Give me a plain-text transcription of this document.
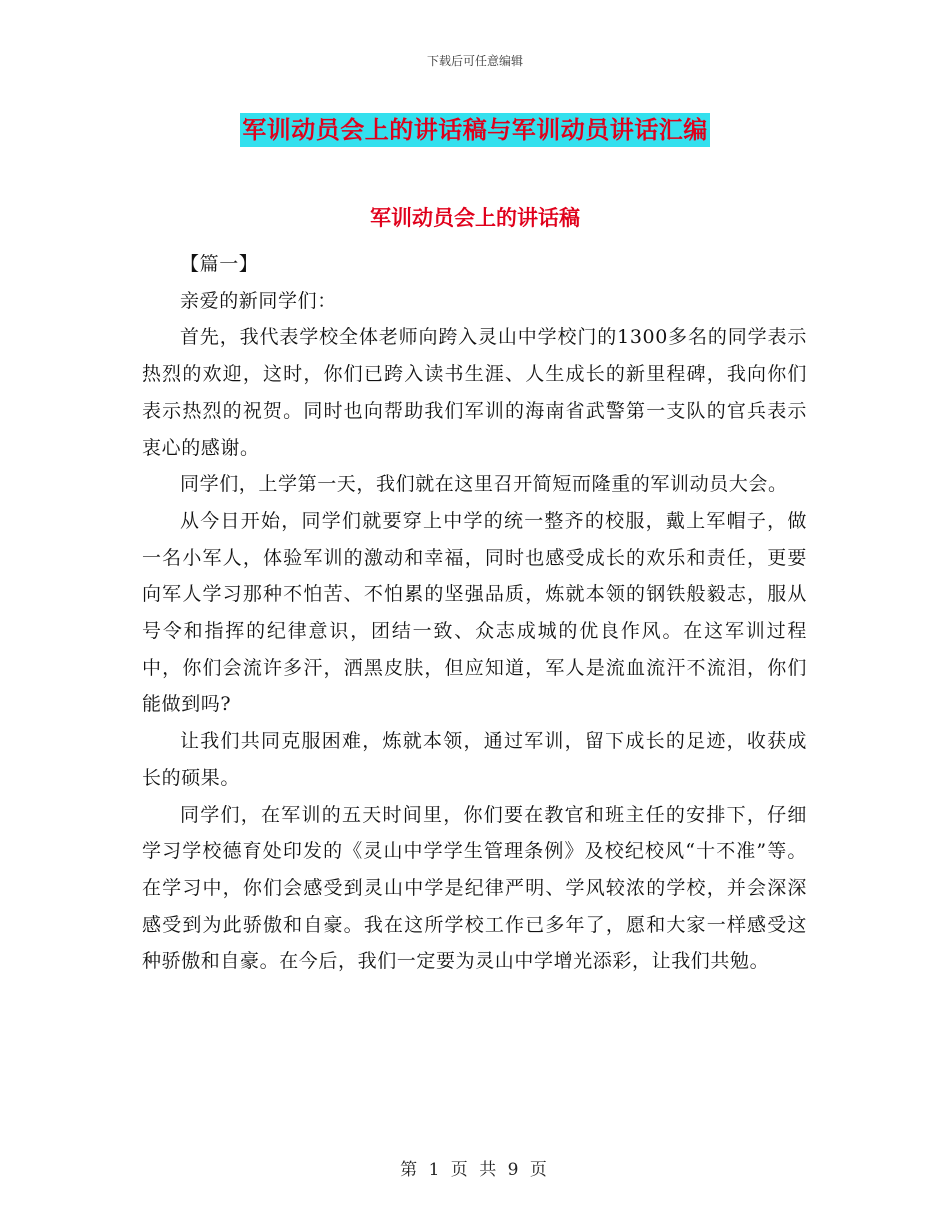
下载后可任意编辑
军训动员会上的讲话稿与军训动员讲话汇编
军训动员会上的讲话稿

【篇一】

亲爱的新同学们：

首先，我代表学校全体老师向跨入灵山中学校门的1300多名的同学表示热烈的欢迎，这时，你们已跨入读书生涯、人生成长的新里程碑，我向你们表示热烈的祝贺。同时也向帮助我们军训的海南省武警第一支队的官兵表示衷心的感谢。

同学们，上学第一天，我们就在这里召开简短而隆重的军训动员大会。

从今日开始，同学们就要穿上中学的统一整齐的校服，戴上军帽子，做一名小军人，体验军训的激动和幸福，同时也感受成长的欢乐和责任，更要向军人学习那种不怕苦、不怕累的坚强品质，炼就本领的钢铁般毅志，服从号令和指挥的纪律意识，团结一致、众志成城的优良作风。在这军训过程中，你们会流许多汗，洒黑皮肤，但应知道，军人是流血流汗不流泪，你们能做到吗?

让我们共同克服困难，炼就本领，通过军训，留下成长的足迹，收获成长的硕果。

同学们，在军训的五天时间里，你们要在教官和班主任的安排下，仔细学习学校德育处印发的《灵山中学学生管理条例》及校纪校风“十不准”等。在学习中，你们会感受到灵山中学是纪律严明、学风较浓的学校，并会深深感受到为此骄傲和自豪。我在这所学校工作已多年了，愿和大家一样感受这种骄傲和自豪。在今后，我们一定要为灵山中学增光添彩，让我们共勉。

第 1 页 共 9 页
